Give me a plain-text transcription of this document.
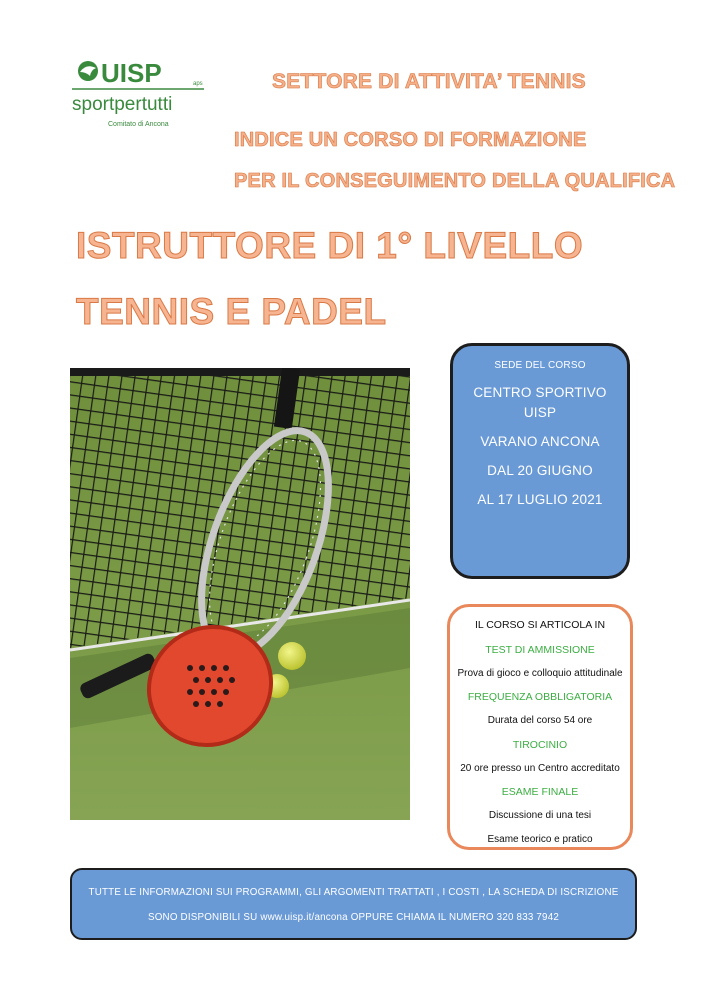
UISP	aps
sportpertutti
Comitato di Ancona
SETTORE DI ATTIVITA’ TENNIS
INDICE UN CORSO DI FORMAZIONE
PER IL CONSEGUIMENTO DELLA QUALIFICA
ISTRUTTORE DI 1° LIVELLO
TENNIS E PADEL
SEDE DEL CORSO
CENTRO SPORTIVO
UISP
VARANO ANCONA
DAL 20 GIUGNO
AL 17 LUGLIO 2021
IL CORSO SI ARTICOLA IN
TEST DI AMMISSIONE
Prova di gioco e colloquio attitudinale
FREQUENZA OBBLIGATORIA
Durata del corso 54 ore
TIROCINIO
20 ore presso un Centro accreditato
ESAME FINALE
Discussione di una tesi
Esame teorico e pratico
TUTTE LE INFORMAZIONI SUI PROGRAMMI, GLI ARGOMENTI TRATTATI , I COSTI , LA SCHEDA DI ISCRIZIONE
SONO DISPONIBILI SU www.uisp.it/ancona OPPURE CHIAMA IL NUMERO 320 833 7942
